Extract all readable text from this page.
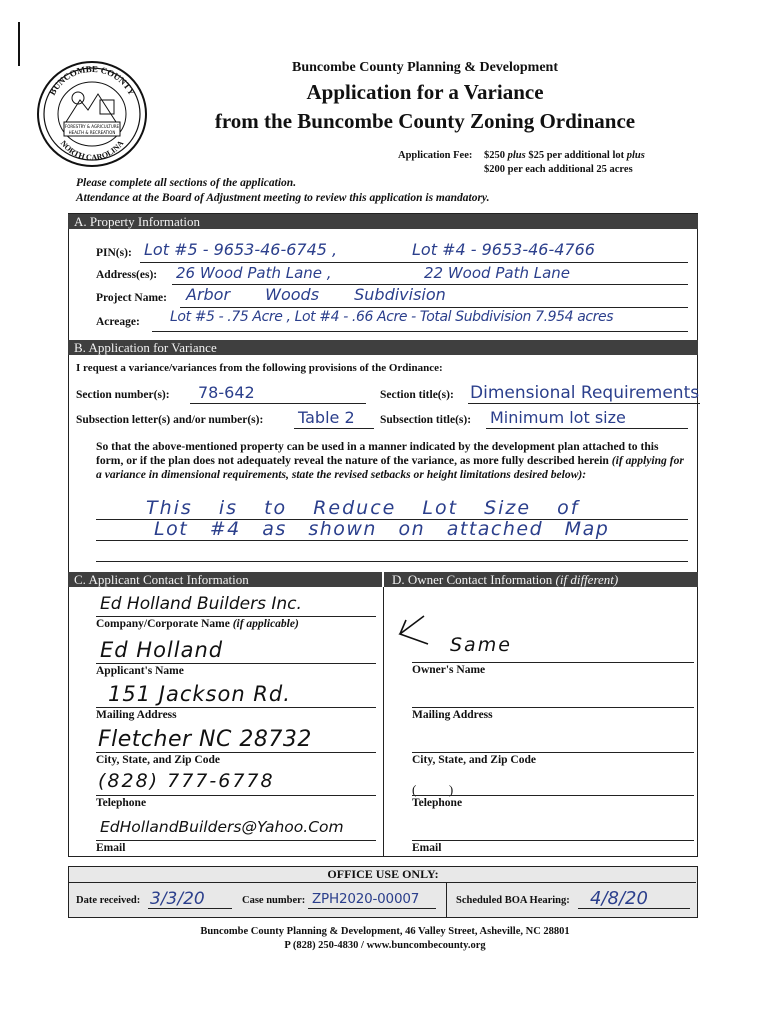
BUNCOMBE COUNTY
NORTH CAROLINA
FORESTRY & AGRICULTURE
HEALTH & RECREATION
Buncombe County Planning & Development
Application for a Variance
from the Buncombe County Zoning Ordinance
Application Fee: $250 plus $25 per additional lot plus
$200 per each additional 25 acres
Please complete all sections of the application.
Attendance at the Board of Adjustment meeting to review this application is mandatory.
A. Property Information
PIN(s): Lot #5 - 9653-46-6745 ,	Lot #4 - 9653-46-4766
Address(es): 26 Wood Path Lane ,	22 Wood Path Lane
Project Name: Arbor Woods Subdivision
Acreage: Lot #5 - .75 Acre , Lot #4 - .66 Acre - Total Subdivision 7.954 acres
B. Application for Variance
I request a variance/variances from the following provisions of the Ordinance:
Section number(s): 78-642	Section title(s): Dimensional Requirements
Subsection letter(s) and/or number(s): Table 2 Subsection title(s): Minimum lot size
So that the above-mentioned property can be used in a manner indicated by the development plan attached to this form, or if the plan does not adequately reveal the nature of the variance, as more fully described herein (if applying for a variance in dimensional requirements, state the revised setbacks or height limitations desired below):
This is to Reduce Lot Size of
Lot #4 as shown on attached Map
C. Applicant Contact Information	D. Owner Contact Information (if different)
Ed Holland Builders Inc.
Company/Corporate Name (if applicable)
Ed Holland
Applicant's Name
151 Jackson Rd.
Mailing Address
Fletcher NC 28732
City, State, and Zip Code
(828) 777-6778
Telephone
EdHollandBuilders@Yahoo.Com
Email
Same
Owner's Name
Mailing Address
City, State, and Zip Code
(          )
Telephone
Email
OFFICE USE ONLY:
Date received: 3/3/20	Case number: ZPH2020-00007	Scheduled BOA Hearing: 4/8/20
Buncombe County Planning & Development, 46 Valley Street, Asheville, NC 28801
P (828) 250-4830 / www.buncombecounty.org
